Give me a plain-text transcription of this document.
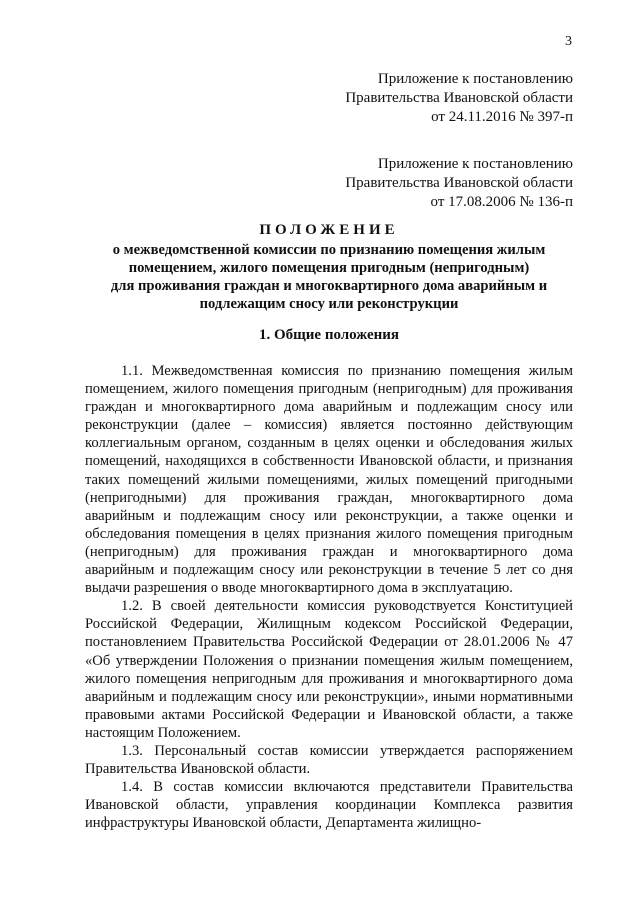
3
Приложение к постановлению
Правительства Ивановской области
от 24.11.2016 № 397-п
Приложение к постановлению
Правительства Ивановской области
от 17.08.2006 № 136-п
ПОЛОЖЕНИЕ
о межведомственной комиссии по признанию помещения жилым
помещением, жилого помещения пригодным (непригодным)
для проживания граждан и многоквартирного дома аварийным и
подлежащим сносу или реконструкции
1. Общие положения

1.1. Межведомственная комиссия по признанию помещения жилым помещением, жилого помещения пригодным (непригодным) для проживания граждан и многоквартирного дома аварийным и подлежащим сносу или реконструкции (далее – комиссия) является постоянно действующим коллегиальным органом, созданным в целях оценки и обследования жилых помещений, находящихся в собственности Ивановской области, и признания таких помещений жилыми помещениями, жилых помещений пригодными (непригодными) для проживания граждан, многоквартирного дома аварийным и подлежащим сносу или реконструкции, а также оценки и обследования помещения в целях признания жилого помещения пригодным (непригодным) для проживания граждан и многоквартирного дома аварийным и подлежащим сносу или реконструкции в течение 5 лет со дня выдачи разрешения о вводе многоквартирного дома в эксплуатацию.

1.2. В своей деятельности комиссия руководствуется Конституцией Российской Федерации, Жилищным кодексом Российской Федерации, постановлением Правительства Российской Федерации от 28.01.2006 № 47 «Об утверждении Положения о признании помещения жилым помещением, жилого помещения непригодным для проживания и многоквартирного дома аварийным и подлежащим сносу или реконструкции», иными нормативными правовыми актами Российской Федерации и Ивановской области, а также настоящим Положением.

1.3. Персональный состав комиссии утверждается распоряжением Правительства Ивановской области.

1.4. В состав комиссии включаются представители Правительства Ивановской области, управления координации Комплекса развития инфраструктуры Ивановской области, Департамента жилищно-
